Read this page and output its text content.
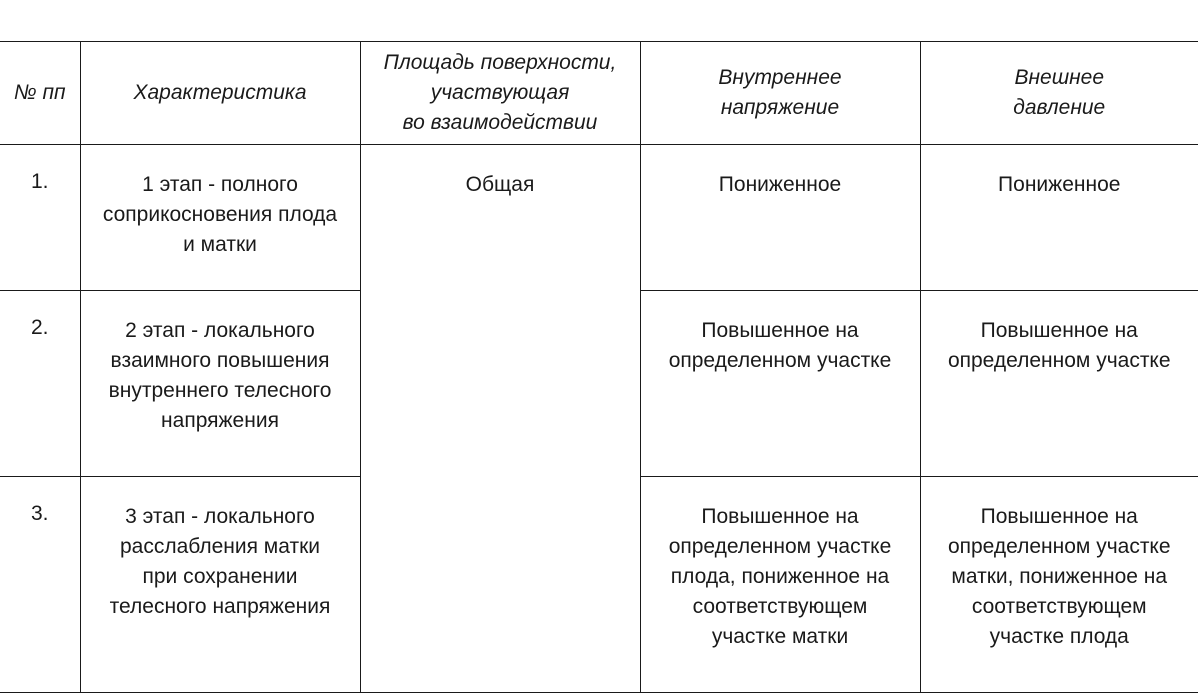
№ пп	Характеристика	Площадь поверхности,
участвующая
во взаимодействии	Внутреннее
напряжение	Внешнее
давление

1.	1 этап - полного
соприкосновения плода
и матки	Общая	Пониженное	Пониженное

2.	2 этап - локального
взаимного повышения
внутреннего телесного
напряжения		Повышенное на
определенном участке	Повышенное на
определенном участке

3.	3 этап - локального
расслабления матки
при сохранении
телесного напряжения		Повышенное на
определенном участке
плода, пониженное на
соответствующем
участке матки	Повышенное на
определенном участке
матки, пониженное на
соответствующем
участке плода
